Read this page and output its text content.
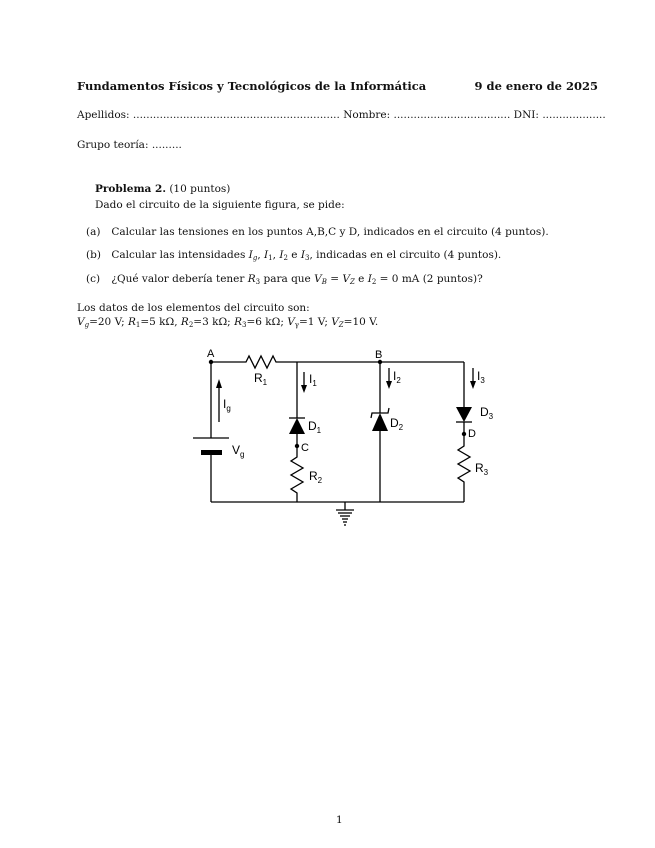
Fundamentos Físicos y Tecnológicos de la Informática	9 de enero de 2025
Apellidos: .............................................................. Nombre: ................................... DNI: ...................
Grupo teoría: .........
Problema 2. (10 puntos)
Dado el circuito de la siguiente figura, se pide:
(a) Calcular las tensiones en los puntos A,B,C y D, indicados en el circuito (4 puntos).
(b) Calcular las intensidades $I_g$, $I_1$, $I_2$ e $I_3$, indicadas en el circuito (4 puntos).
(c) ¿Qué valor debería tener $R_3$ para que $V_B = V_Z$ e $I_2 = 0$ mA (2 puntos)?
Los datos de los elementos del circuito son:
$V_g=20$ V; $R_1=5$ kΩ, $R_2=3$ kΩ; $R_3=6$ kΩ; $V_\gamma=1$ V; $V_Z=10$ V.
A	B
C
D
$R_1$
$R_2$
$R_3$
$D_1$
$D_2$
$D_3$
$V_g$
$I_g$
$I_1$
$I_2$	$I_3$
1
